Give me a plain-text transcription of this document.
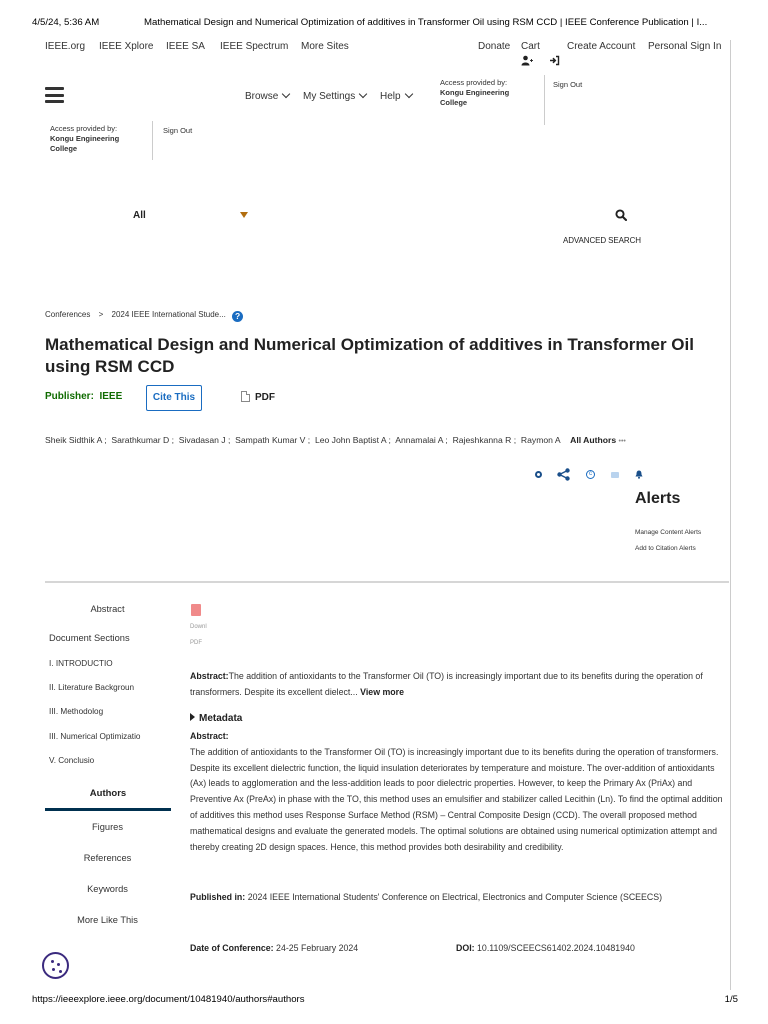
4/5/24, 5:36 AM	Mathematical Design and Numerical Optimization of additives in Transformer Oil using RSM CCD | IEEE Conference Publication | I...
IEEE.org IEEE Xplore IEEE SA IEEE Spectrum More Sites	Donate Cart	Create Account Personal Sign In
Browse	My Settings	Help
Access provided by:
Kongu Engineering College
Sign Out
Access provided by:
Kongu Engineering College
Sign Out
All
ADVANCED SEARCH
Conferences > 2024 IEEE International Stude... ?
Mathematical Design and Numerical Optimization of additives in Transformer Oil using RSM CCD
Publisher: IEEE	Cite This	PDF
Sheik Sidthik A ;  Sarathkumar D ;  Sivadasan J ;  Sampath Kumar V ;  Leo John Baptist A ;  Annamalai A ;  Rajeshkanna R ;  Raymon A All Authors •••
c
Alerts
Manage Content Alerts
Add to Citation Alerts
Abstract
Document Sections
I. INTRODUCTIO
II. Literature Backgroun
III. Methodolog
III. Numerical Optimizatio
V. Conclusio
Authors
Figures
References
Keywords
More Like This
Downl
PDF
Abstract:The addition of antioxidants to the Transformer Oil (TO) is increasingly important due to its benefits during the operation of transformers. Despite its excellent dielect... View more
Metadata
Abstract:
The addition of antioxidants to the Transformer Oil (TO) is increasingly important due to its benefits during the operation of transformers. Despite its excellent dielectric function, the liquid insulation deteriorates by temperature and moisture. The over-addition of antioxidants (Ax) leads to agglomeration and the less-addition leads to poor dielectric properties. However, to keep the Primary Ax (PriAx) and Preventive Ax (PreAx) in phase with the TO, this method uses an emulsifier and stabilizer called Lecithin (Ln). To find the optimal addition of additives this method uses Response Surface Method (RSM) – Central Composite Design (CCD). The overall proposed method mathematical designs and evaluate the generated models. The optimal solutions are obtained using numerical optimization attempt and thereby creating 2D design spaces. Hence, this method provides both desirability and credibility.
Published in: 2024 IEEE International Students' Conference on Electrical, Electronics and Computer Science (SCEECS)
Date of Conference: 24-25 February 2024	DOI: 10.1109/SCEECS61402.2024.10481940
https://ieeexplore.ieee.org/document/10481940/authors#authors	1/5
